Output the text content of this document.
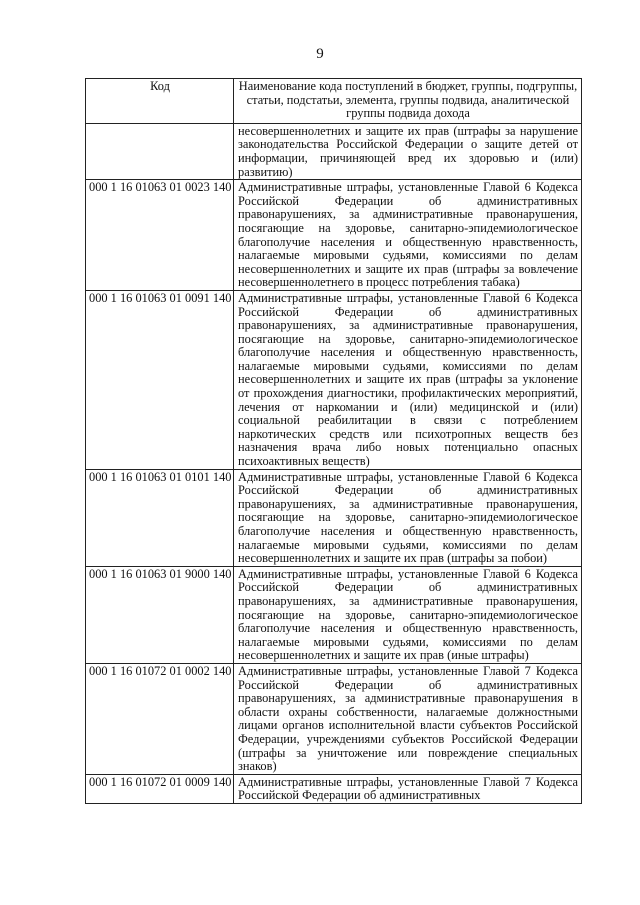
9
Код	Наименование кода поступлений в бюджет, группы, подгруппы, статьи, подстатьи, элемента, группы подвида, аналитической группы подвида дохода
	несовершеннолетних и защите их прав (штрафы за нарушение законодательства Российской Федерации о защите детей от информации, причиняющей вред их здоровью и (или) развитию)
000 1 16 01063 01 0023 140	Административные штрафы, установленные Главой 6 Кодекса Российской Федерации об административных правонарушениях, за административные правонарушения, посягающие на здоровье, санитарно-эпидемиологическое благополучие населения и общественную нравственность, налагаемые мировыми судьями, комиссиями по делам несовершеннолетних и защите их прав (штрафы за вовлечение несовершеннолетнего в процесс потребления табака)
000 1 16 01063 01 0091 140	Административные штрафы, установленные Главой 6 Кодекса Российской Федерации об административных правонарушениях, за административные правонарушения, посягающие на здоровье, санитарно-эпидемиологическое благополучие населения и общественную нравственность, налагаемые мировыми судьями, комиссиями по делам несовершеннолетних и защите их прав (штрафы за уклонение от прохождения диагностики, профилактических мероприятий, лечения от наркомании и (или) медицинской и (или) социальной реабилитации в связи с потреблением наркотических средств или психотропных веществ без назначения врача либо новых потенциально опасных психоактивных веществ)
000 1 16 01063 01 0101 140	Административные штрафы, установленные Главой 6 Кодекса Российской Федерации об административных правонарушениях, за административные правонарушения, посягающие на здоровье, санитарно-эпидемиологическое благополучие населения и общественную нравственность, налагаемые мировыми судьями, комиссиями по делам несовершеннолетних и защите их прав (штрафы за побои)
000 1 16 01063 01 9000 140	Административные штрафы, установленные Главой 6 Кодекса Российской Федерации об административных правонарушениях, за административные правонарушения, посягающие на здоровье, санитарно-эпидемиологическое благополучие населения и общественную нравственность, налагаемые мировыми судьями, комиссиями по делам несовершеннолетних и защите их прав (иные штрафы)
000 1 16 01072 01 0002 140	Административные штрафы, установленные Главой 7 Кодекса Российской Федерации об административных правонарушениях, за административные правонарушения в области охраны собственности, налагаемые должностными лицами органов исполнительной власти субъектов Российской Федерации, учреждениями субъектов Российской Федерации (штрафы за уничтожение или повреждение специальных знаков)
000 1 16 01072 01 0009 140	Административные штрафы, установленные Главой 7 Кодекса Российской Федерации об административных
